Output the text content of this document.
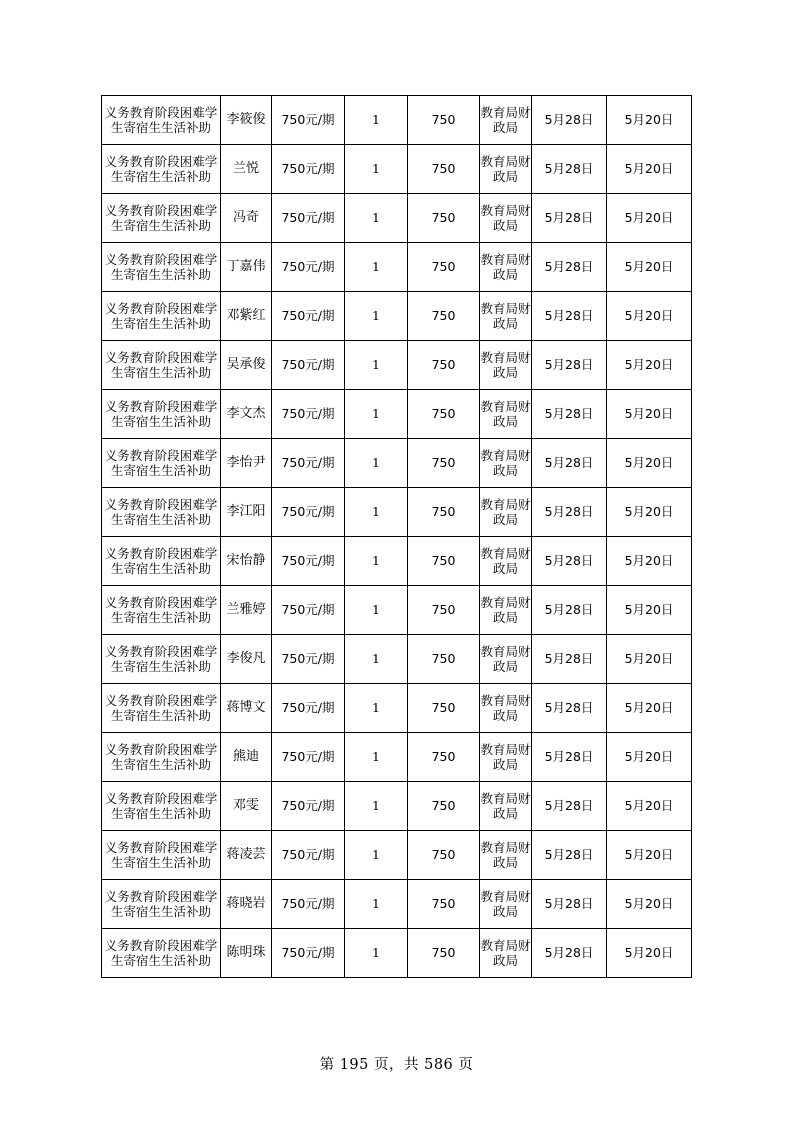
义务教育阶段困难学生寄宿生生活补助	李筱俊	750元/期	1	750	教育局财政局	5月28日	5月20日
义务教育阶段困难学生寄宿生生活补助	兰悦	750元/期	1	750	教育局财政局	5月28日	5月20日
义务教育阶段困难学生寄宿生生活补助	冯奇	750元/期	1	750	教育局财政局	5月28日	5月20日
义务教育阶段困难学生寄宿生生活补助	丁嘉伟	750元/期	1	750	教育局财政局	5月28日	5月20日
义务教育阶段困难学生寄宿生生活补助	邓紫红	750元/期	1	750	教育局财政局	5月28日	5月20日
义务教育阶段困难学生寄宿生生活补助	吴承俊	750元/期	1	750	教育局财政局	5月28日	5月20日
义务教育阶段困难学生寄宿生生活补助	李文杰	750元/期	1	750	教育局财政局	5月28日	5月20日
义务教育阶段困难学生寄宿生生活补助	李怡尹	750元/期	1	750	教育局财政局	5月28日	5月20日
义务教育阶段困难学生寄宿生生活补助	李江阳	750元/期	1	750	教育局财政局	5月28日	5月20日
义务教育阶段困难学生寄宿生生活补助	宋怡静	750元/期	1	750	教育局财政局	5月28日	5月20日
义务教育阶段困难学生寄宿生生活补助	兰雅婷	750元/期	1	750	教育局财政局	5月28日	5月20日
义务教育阶段困难学生寄宿生生活补助	李俊凡	750元/期	1	750	教育局财政局	5月28日	5月20日
义务教育阶段困难学生寄宿生生活补助	蒋博文	750元/期	1	750	教育局财政局	5月28日	5月20日
义务教育阶段困难学生寄宿生生活补助	熊迪	750元/期	1	750	教育局财政局	5月28日	5月20日
义务教育阶段困难学生寄宿生生活补助	邓雯	750元/期	1	750	教育局财政局	5月28日	5月20日
义务教育阶段困难学生寄宿生生活补助	蒋凌芸	750元/期	1	750	教育局财政局	5月28日	5月20日
义务教育阶段困难学生寄宿生生活补助	蒋晓岩	750元/期	1	750	教育局财政局	5月28日	5月20日
义务教育阶段困难学生寄宿生生活补助	陈明珠	750元/期	1	750	教育局财政局	5月28日	5月20日
第 195 页，共 586 页
